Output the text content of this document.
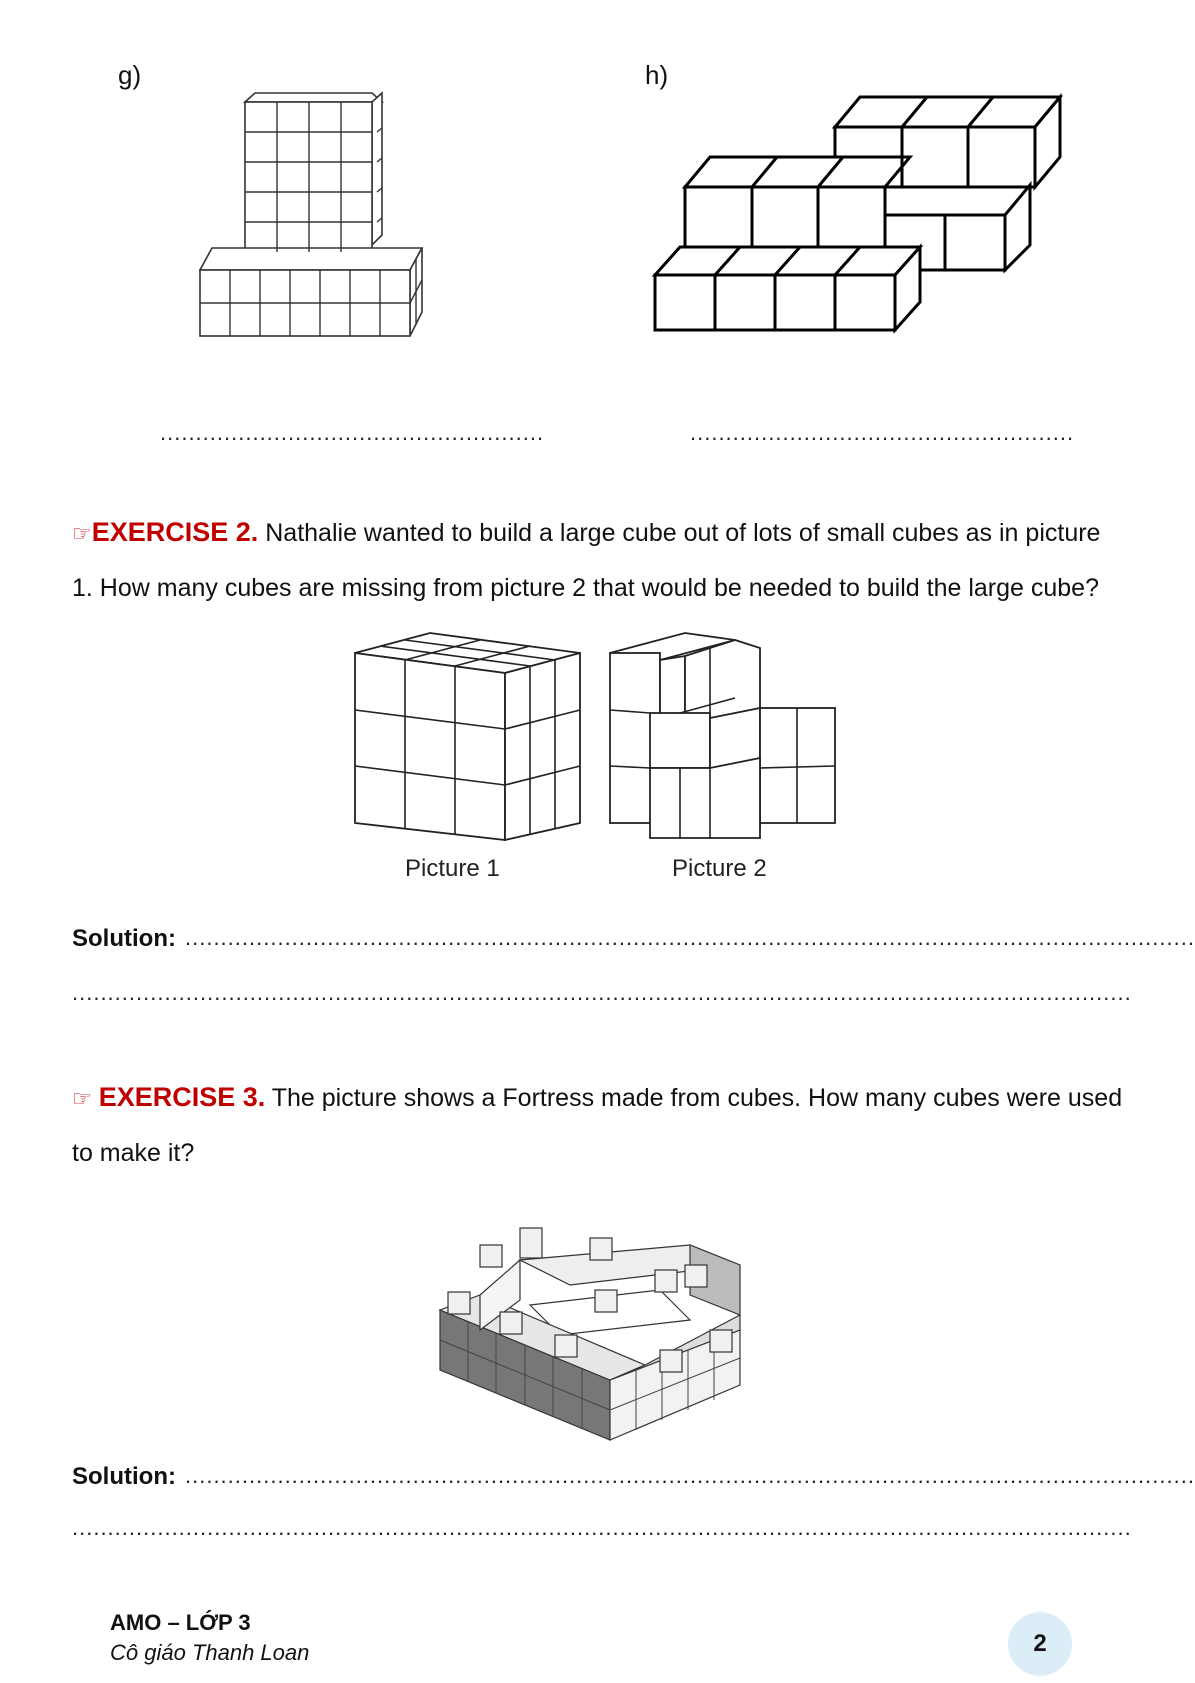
g)
......................................................
h)
......................................................
☞EXERCISE 2. Nathalie wanted to build a large cube out of lots of small cubes as in picture
1. How many cubes are missing from picture 2 that would be needed to build the large cube?
Picture 1	Picture 2
Solution: ..............................................................................................................................................
.....................................................................................................................................................
☞ EXERCISE 3. The picture shows a Fortress made from cubes. How many cubes were used
to make it?
Solution: ..............................................................................................................................................
.....................................................................................................................................................
AMO – LỚP 3
Cô giáo Thanh Loan	2
